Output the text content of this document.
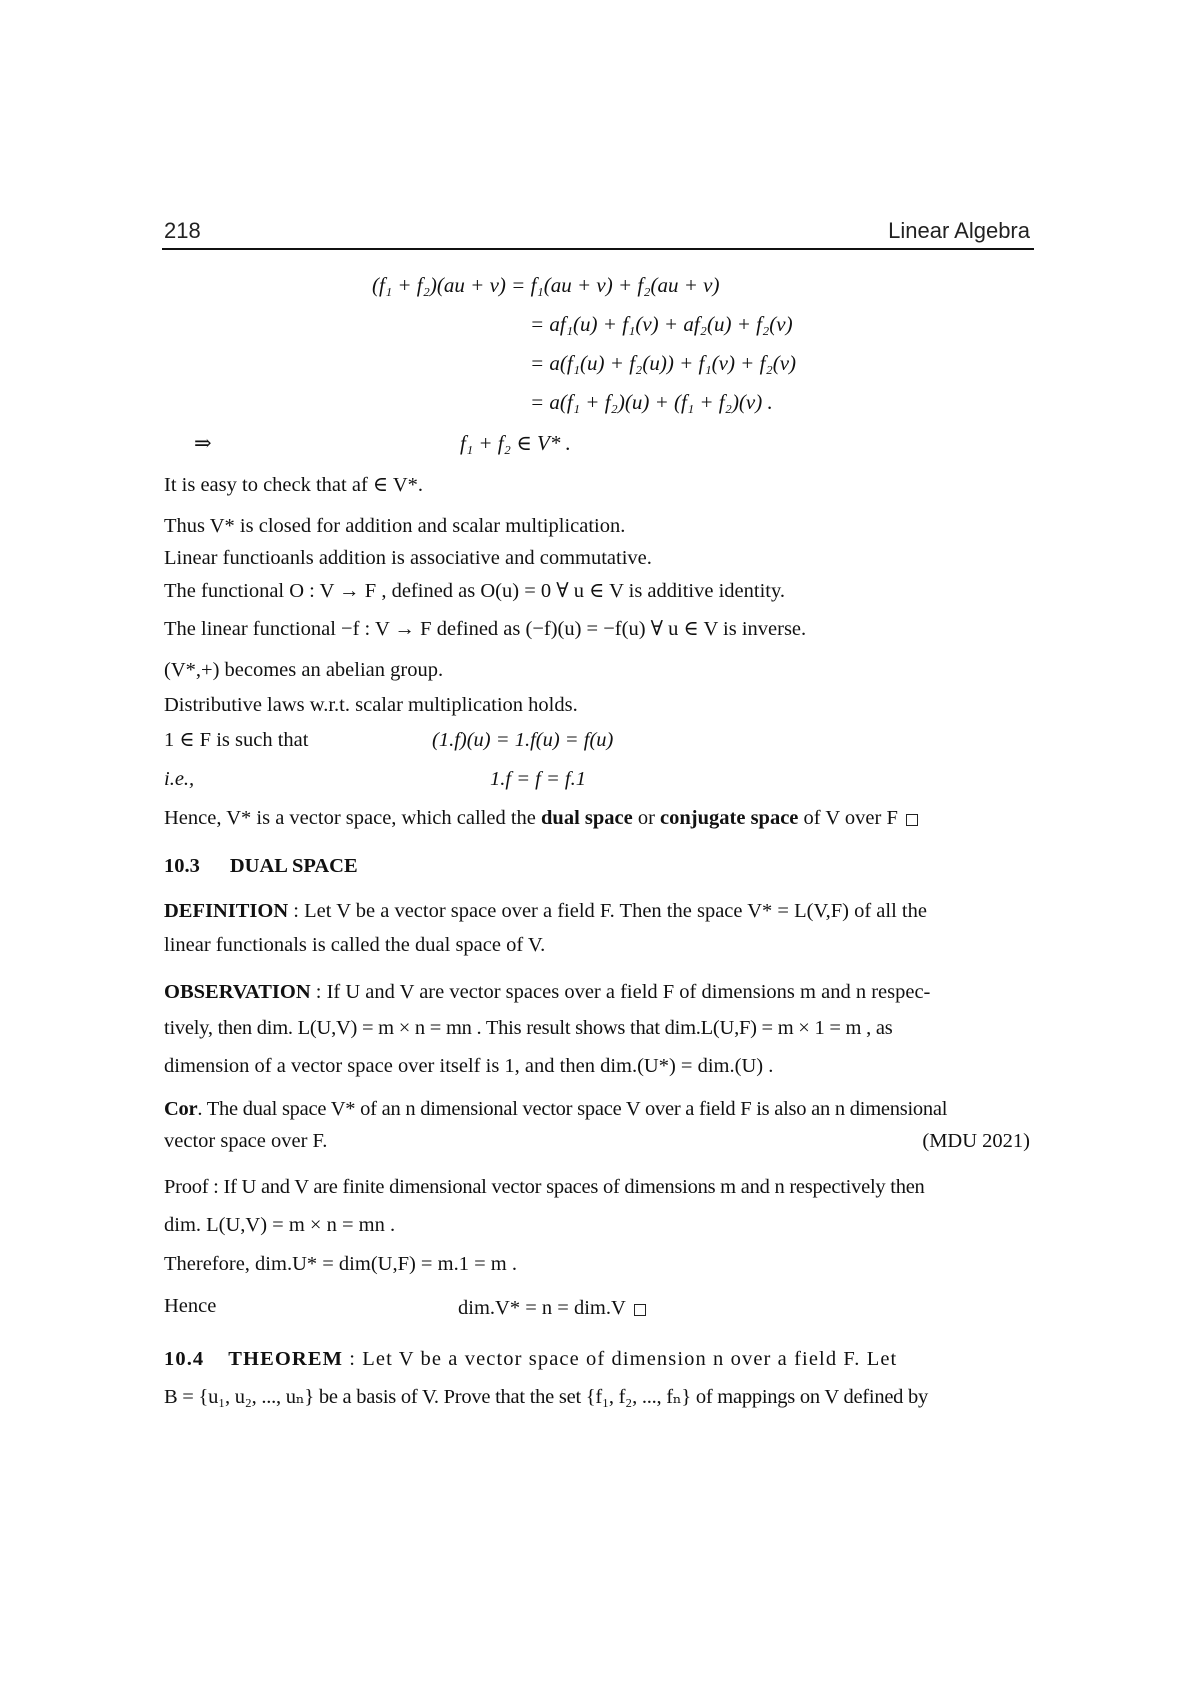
218	Linear Algebra
(f₁ + f₂)(au + v) = f₁(au + v) + f₂(au + v)
= af₁(u) + f₁(v) + af₂(u) + f₂(v)
= a(f₁(u) + f₂(u)) + f₁(v) + f₂(v)
= a(f₁ + f₂)(u) + (f₁ + f₂)(v) .
⇒	f₁ + f₂ ∈ V* .
It is easy to check that af ∈ V*.
Thus V* is closed for addition and scalar multiplication.
Linear functioanls addition is associative and commutative.
The functional O : V → F , defined as O(u) = 0 ∀ u ∈ V is additive identity.
The linear functional −f : V → F defined as (−f)(u) = −f(u) ∀ u ∈ V is inverse.
(V*,+) becomes an abelian group.
Distributive laws w.r.t. scalar multiplication holds.
1 ∈ F is such that	(1.f)(u) = 1.f(u) = f(u)
i.e.,	1.f = f = f.1
Hence, V* is a vector space, which called the dual space or conjugate space of V over F
10.3 DUAL SPACE
DEFINITION : Let V be a vector space over a field F. Then the space V* = L(V,F) of all the
linear functionals is called the dual space of V.
OBSERVATION : If U and V are vector spaces over a field F of dimensions m and n respec-
tively, then dim. L(U,V) = m × n = mn . This result shows that dim.L(U,F) = m × 1 = m , as
dimension of a vector space over itself is 1, and then dim.(U*) = dim.(U) .
Cor. The dual space V* of an n dimensional vector space V over a field F is also an n dimensional
vector space over F.	(MDU 2021)
Proof : If U and V are finite dimensional vector spaces of dimensions m and n respectively then
dim. L(U,V) = m × n = mn .
Therefore, dim.U* = dim(U,F) = m.1 = m .
Hence	dim.V* = n = dim.V
10.4 THEOREM : Let V be a vector space of dimension n over a field F. Let
B = {u₁, u₂, ..., uₙ} be a basis of V. Prove that the set {f₁, f₂, ..., fₙ} of mappings on V defined by
